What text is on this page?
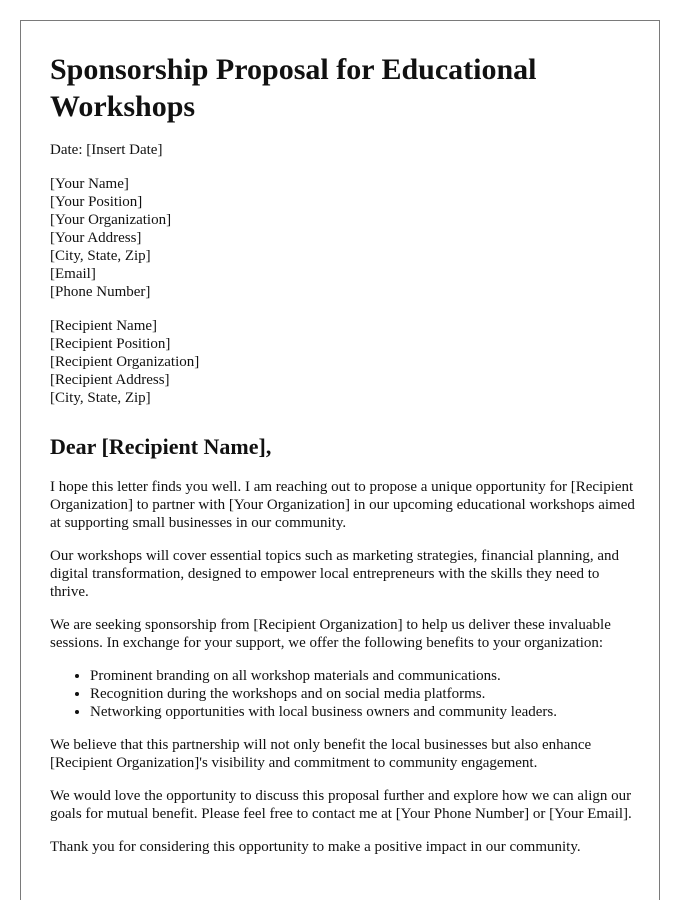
Sponsorship Proposal for Educational Workshops
Date: [Insert Date]
[Your Name]
[Your Position]
[Your Organization]
[Your Address]
[City, State, Zip]
[Email]
[Phone Number]
[Recipient Name]
[Recipient Position]
[Recipient Organization]
[Recipient Address]
[City, State, Zip]
Dear [Recipient Name],

I hope this letter finds you well. I am reaching out to propose a unique opportunity for [Recipient Organization] to partner with [Your Organization] in our upcoming educational workshops aimed at supporting small businesses in our community.

Our workshops will cover essential topics such as marketing strategies, financial planning, and digital transformation, designed to empower local entrepreneurs with the skills they need to thrive.

We are seeking sponsorship from [Recipient Organization] to help us deliver these invaluable sessions. In exchange for your support, we offer the following benefits to your organization:

• Prominent branding on all workshop materials and communications.
• Recognition during the workshops and on social media platforms.
• Networking opportunities with local business owners and community leaders.

We believe that this partnership will not only benefit the local businesses but also enhance [Recipient Organization]'s visibility and commitment to community engagement.

We would love the opportunity to discuss this proposal further and explore how we can align our goals for mutual benefit. Please feel free to contact me at [Your Phone Number] or [Your Email].

Thank you for considering this opportunity to make a positive impact in our community.
